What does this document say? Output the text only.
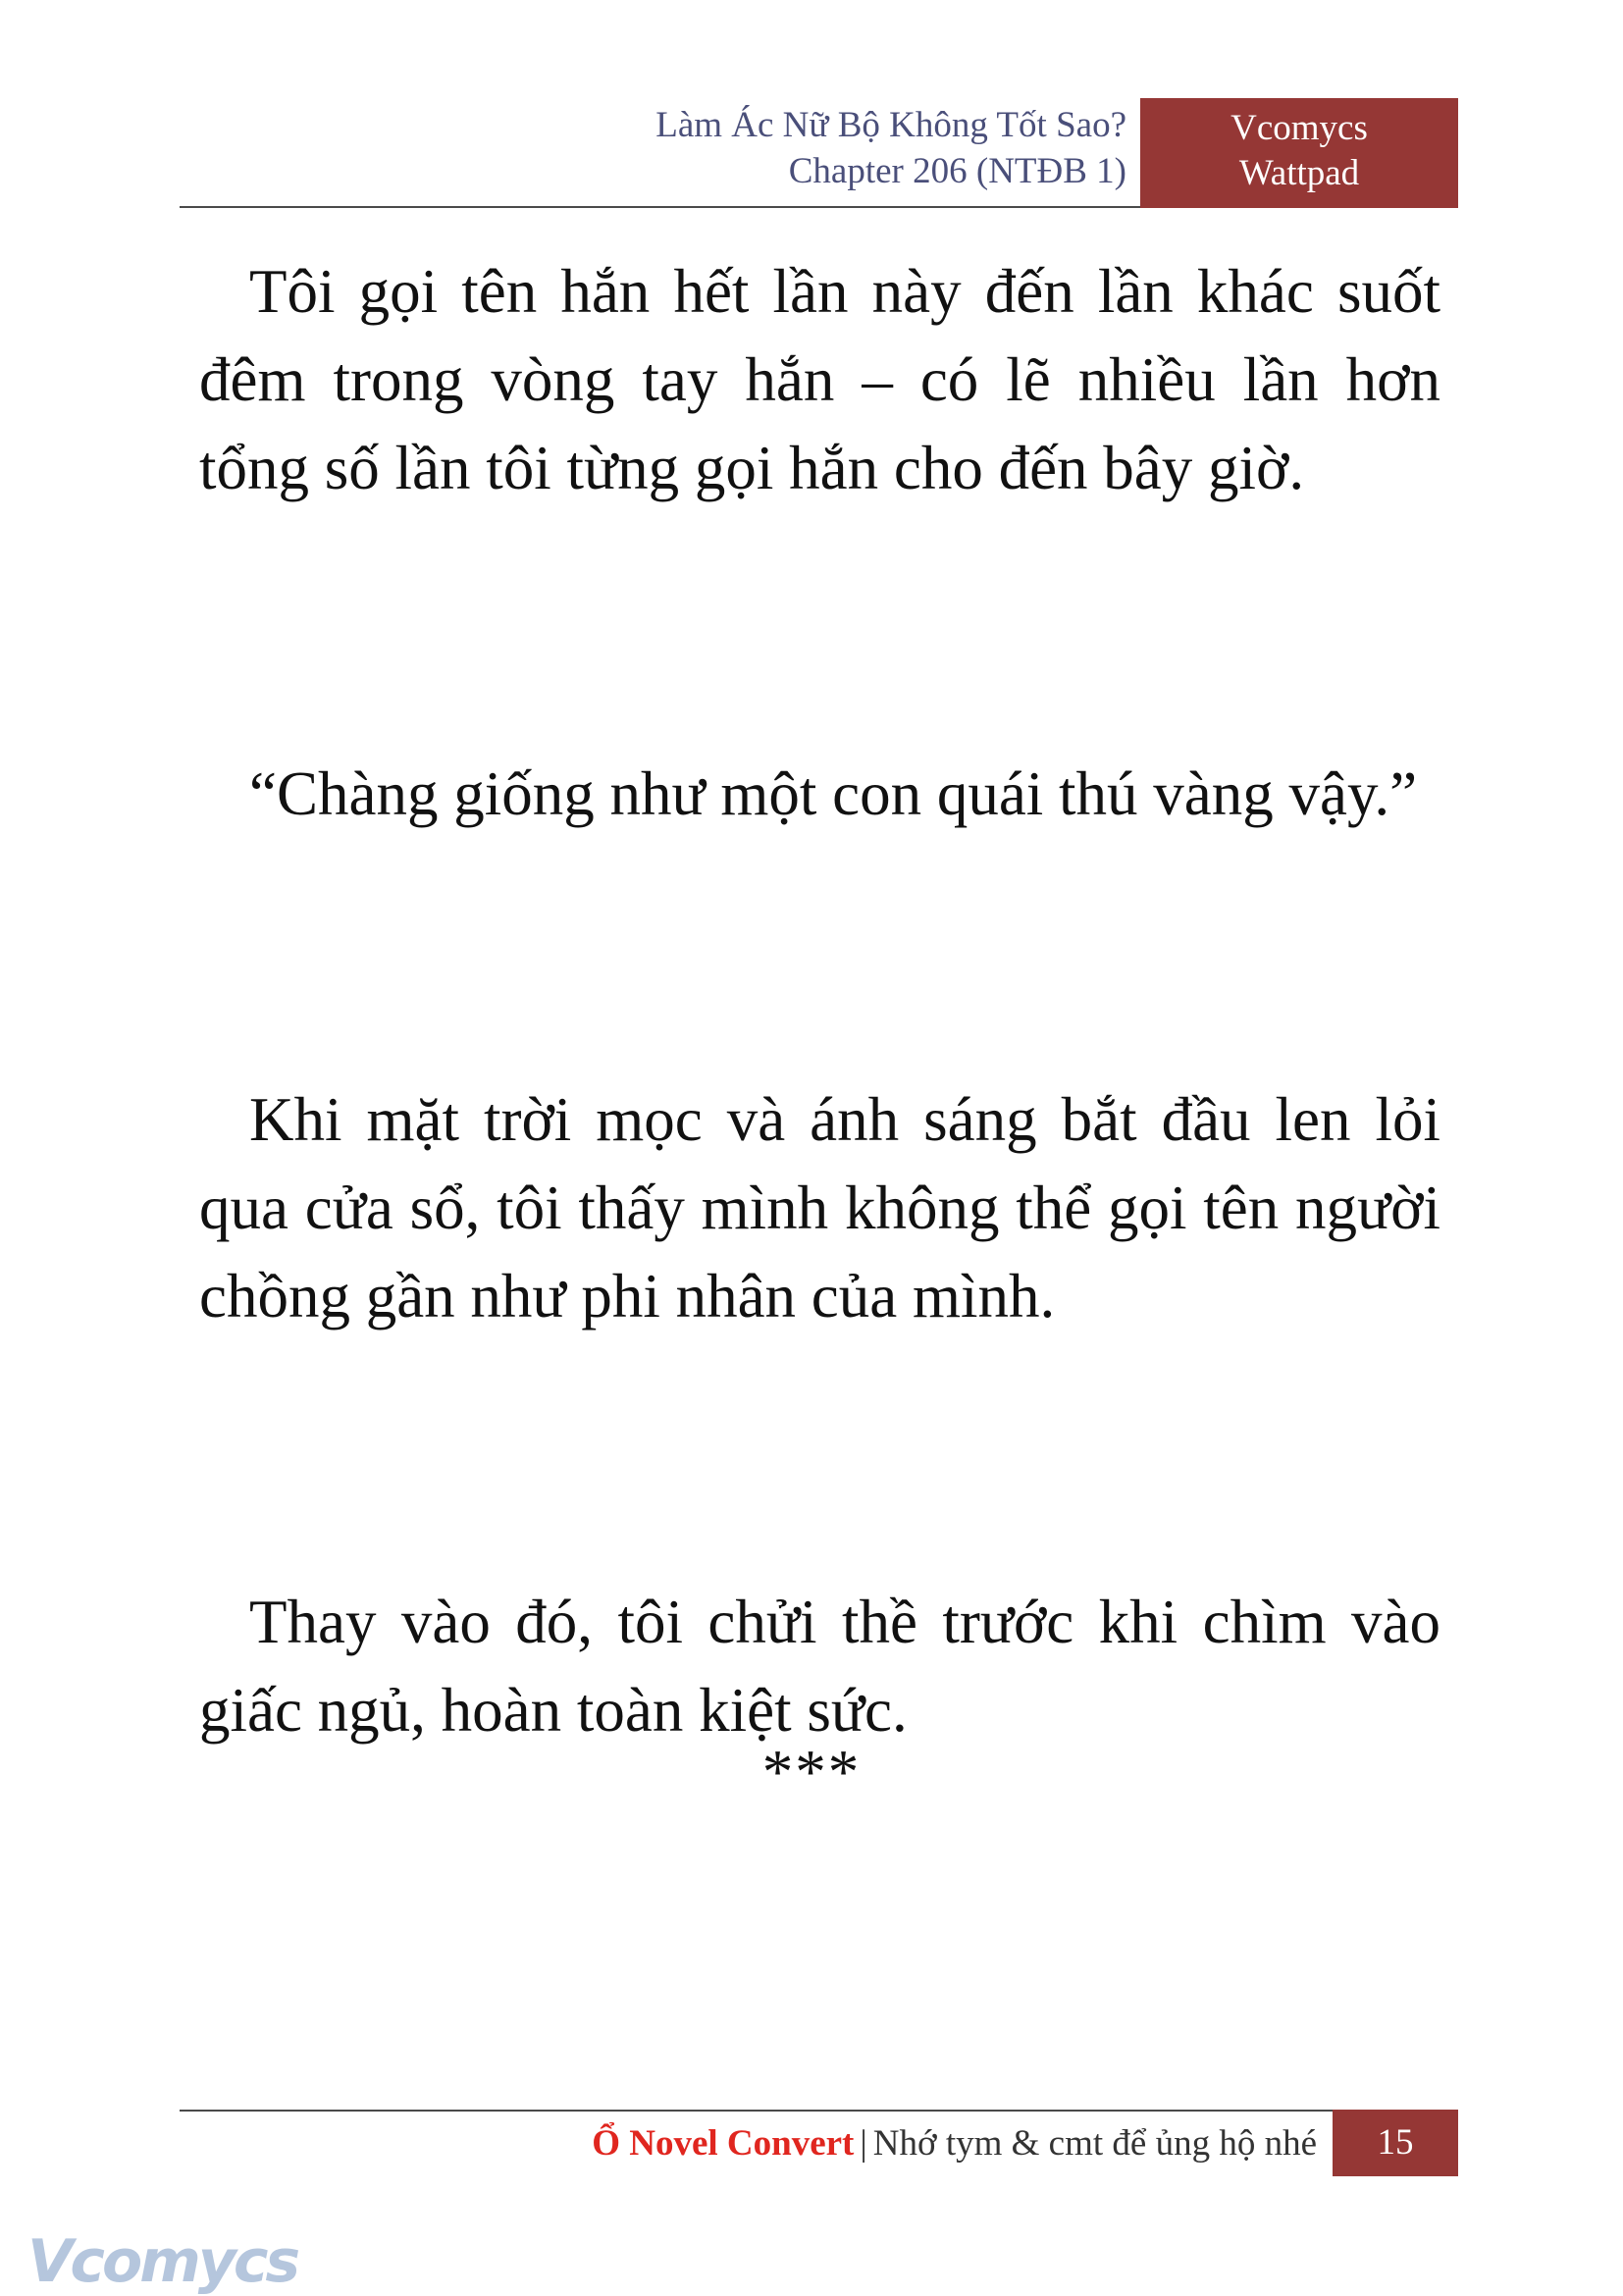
Làm Ác Nữ Bộ Không Tốt Sao?
Chapter 206 (NTĐB 1)
Vcomycs
Wattpad

Tôi gọi tên hắn hết lần này đến lần khác suốt đêm trong vòng tay hắn – có lẽ nhiều lần hơn tổng số lần tôi từng gọi hắn cho đến bây giờ.

“Chàng giống như một con quái thú vàng vậy.”

Khi mặt trời mọc và ánh sáng bắt đầu len lỏi qua cửa sổ, tôi thấy mình không thể gọi tên người chồng gần như phi nhân của mình.

Thay vào đó, tôi chửi thề trước khi chìm vào giấc ngủ, hoàn toàn kiệt sức.

***
Ổ Novel Convert | Nhớ tym & cmt để ủng hộ nhé	15
Vcomycs
